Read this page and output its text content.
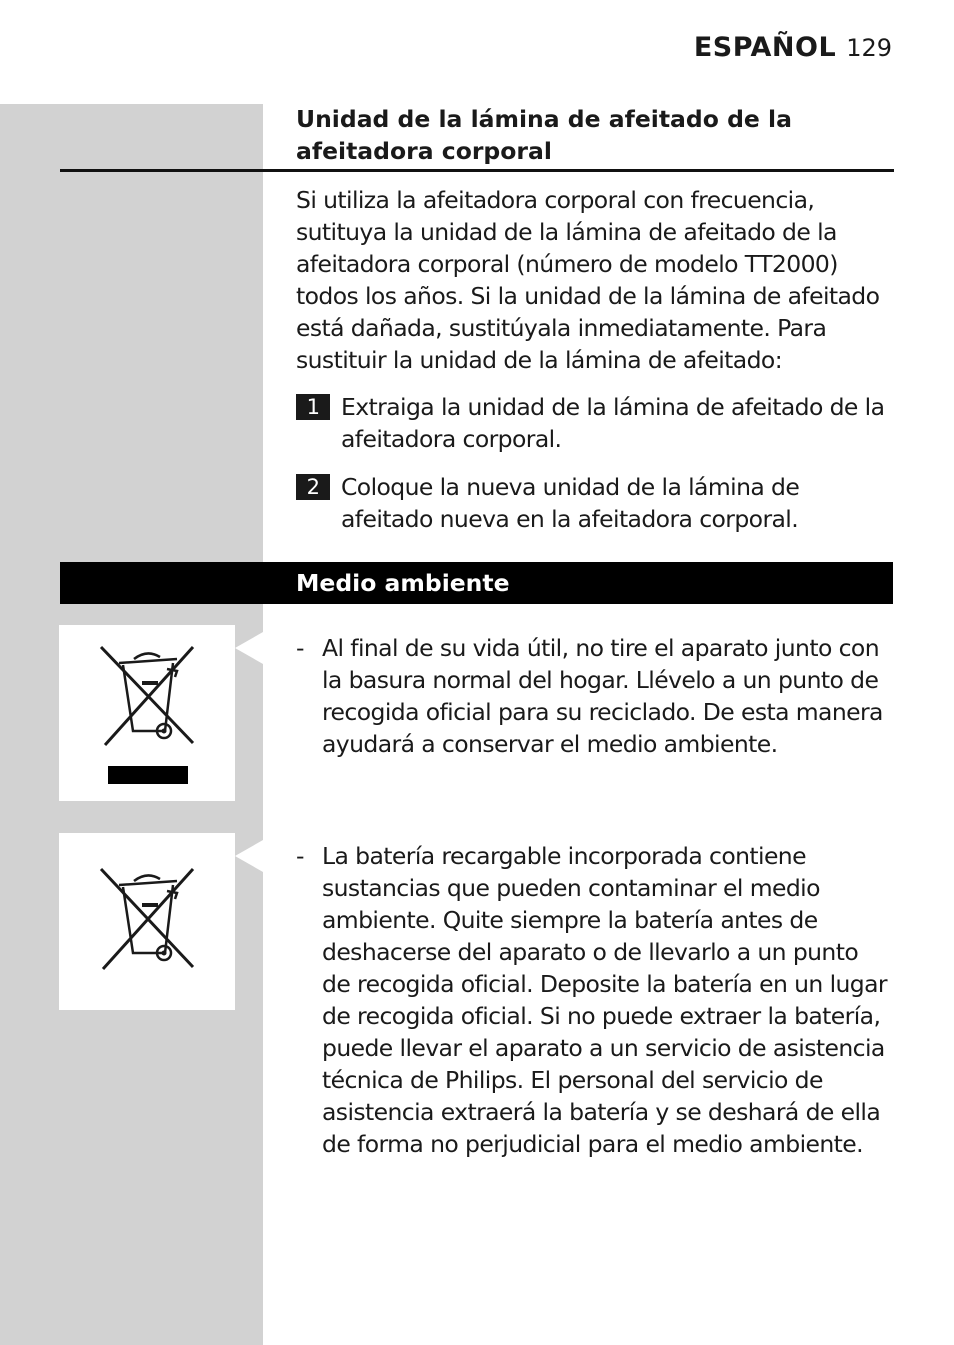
ESPAÑOL 129
Unidad de la lámina de afeitado de la afeitadora corporal
Si utiliza la afeitadora corporal con frecuencia, sutituya la unidad de la lámina de afeitado de la afeitadora corporal (número de modelo TT2000) todos los años. Si la unidad de la lámina de afeitado está dañada, sustitúyala inmediatamente. Para sustituir la unidad de la lámina de afeitado:
1 Extraiga la unidad de la lámina de afeitado de la afeitadora corporal.
2 Coloque la nueva unidad de la lámina de afeitado nueva en la afeitadora corporal.
Medio ambiente
- Al final de su vida útil, no tire el aparato junto con la basura normal del hogar. Llévelo a un punto de recogida oficial para su reciclado. De esta manera ayudará a conservar el medio ambiente.
- La batería recargable incorporada contiene sustancias que pueden contaminar el medio ambiente. Quite siempre la batería antes de deshacerse del aparato o de llevarlo a un punto de recogida oficial. Deposite la batería en un lugar de recogida oficial. Si no puede extraer la batería, puede llevar el aparato a un servicio de asistencia técnica de Philips. El personal del servicio de asistencia extraerá la batería y se deshará de ella de forma no perjudicial para el medio ambiente.
